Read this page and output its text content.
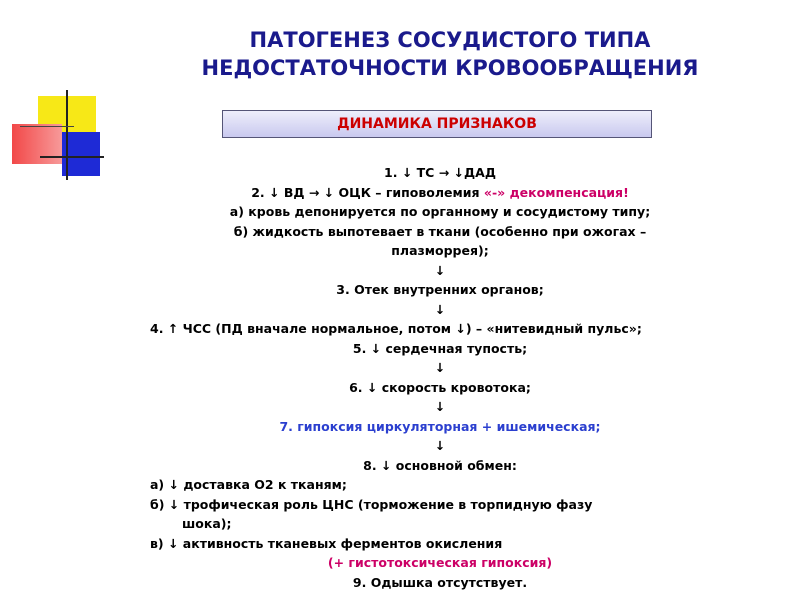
ПАТОГЕНЕЗ СОСУДИСТОГО ТИПА
НЕДОСТАТОЧНОСТИ КРОВООБРАЩЕНИЯ
ДИНАМИКА ПРИЗНАКОВ
1. ↓ ТС → ↓ДАД
2. ↓ ВД → ↓ ОЦК – гиповолемия «-» декомпенсация!
а) кровь депонируется по органному и сосудистому типу;
б) жидкость выпотевает в ткани (особенно при ожогах –
плазморрея);
↓
3. Отек внутренних органов;
↓
4. ↑ ЧСС (ПД вначале нормальное, потом ↓) – «нитевидный пульс»;
5. ↓ сердечная тупость;
↓
6. ↓ скорость кровотока;
↓
7. гипоксия циркуляторная + ишемическая;
↓
8. ↓ основной обмен:
а) ↓ доставка О2 к тканям;
б) ↓ трофическая роль ЦНС (торможение в торпидную фазу
шока);
в) ↓ активность тканевых ферментов окисления
(+ гистотоксическая гипоксия)
9. Одышка отсутствует.
